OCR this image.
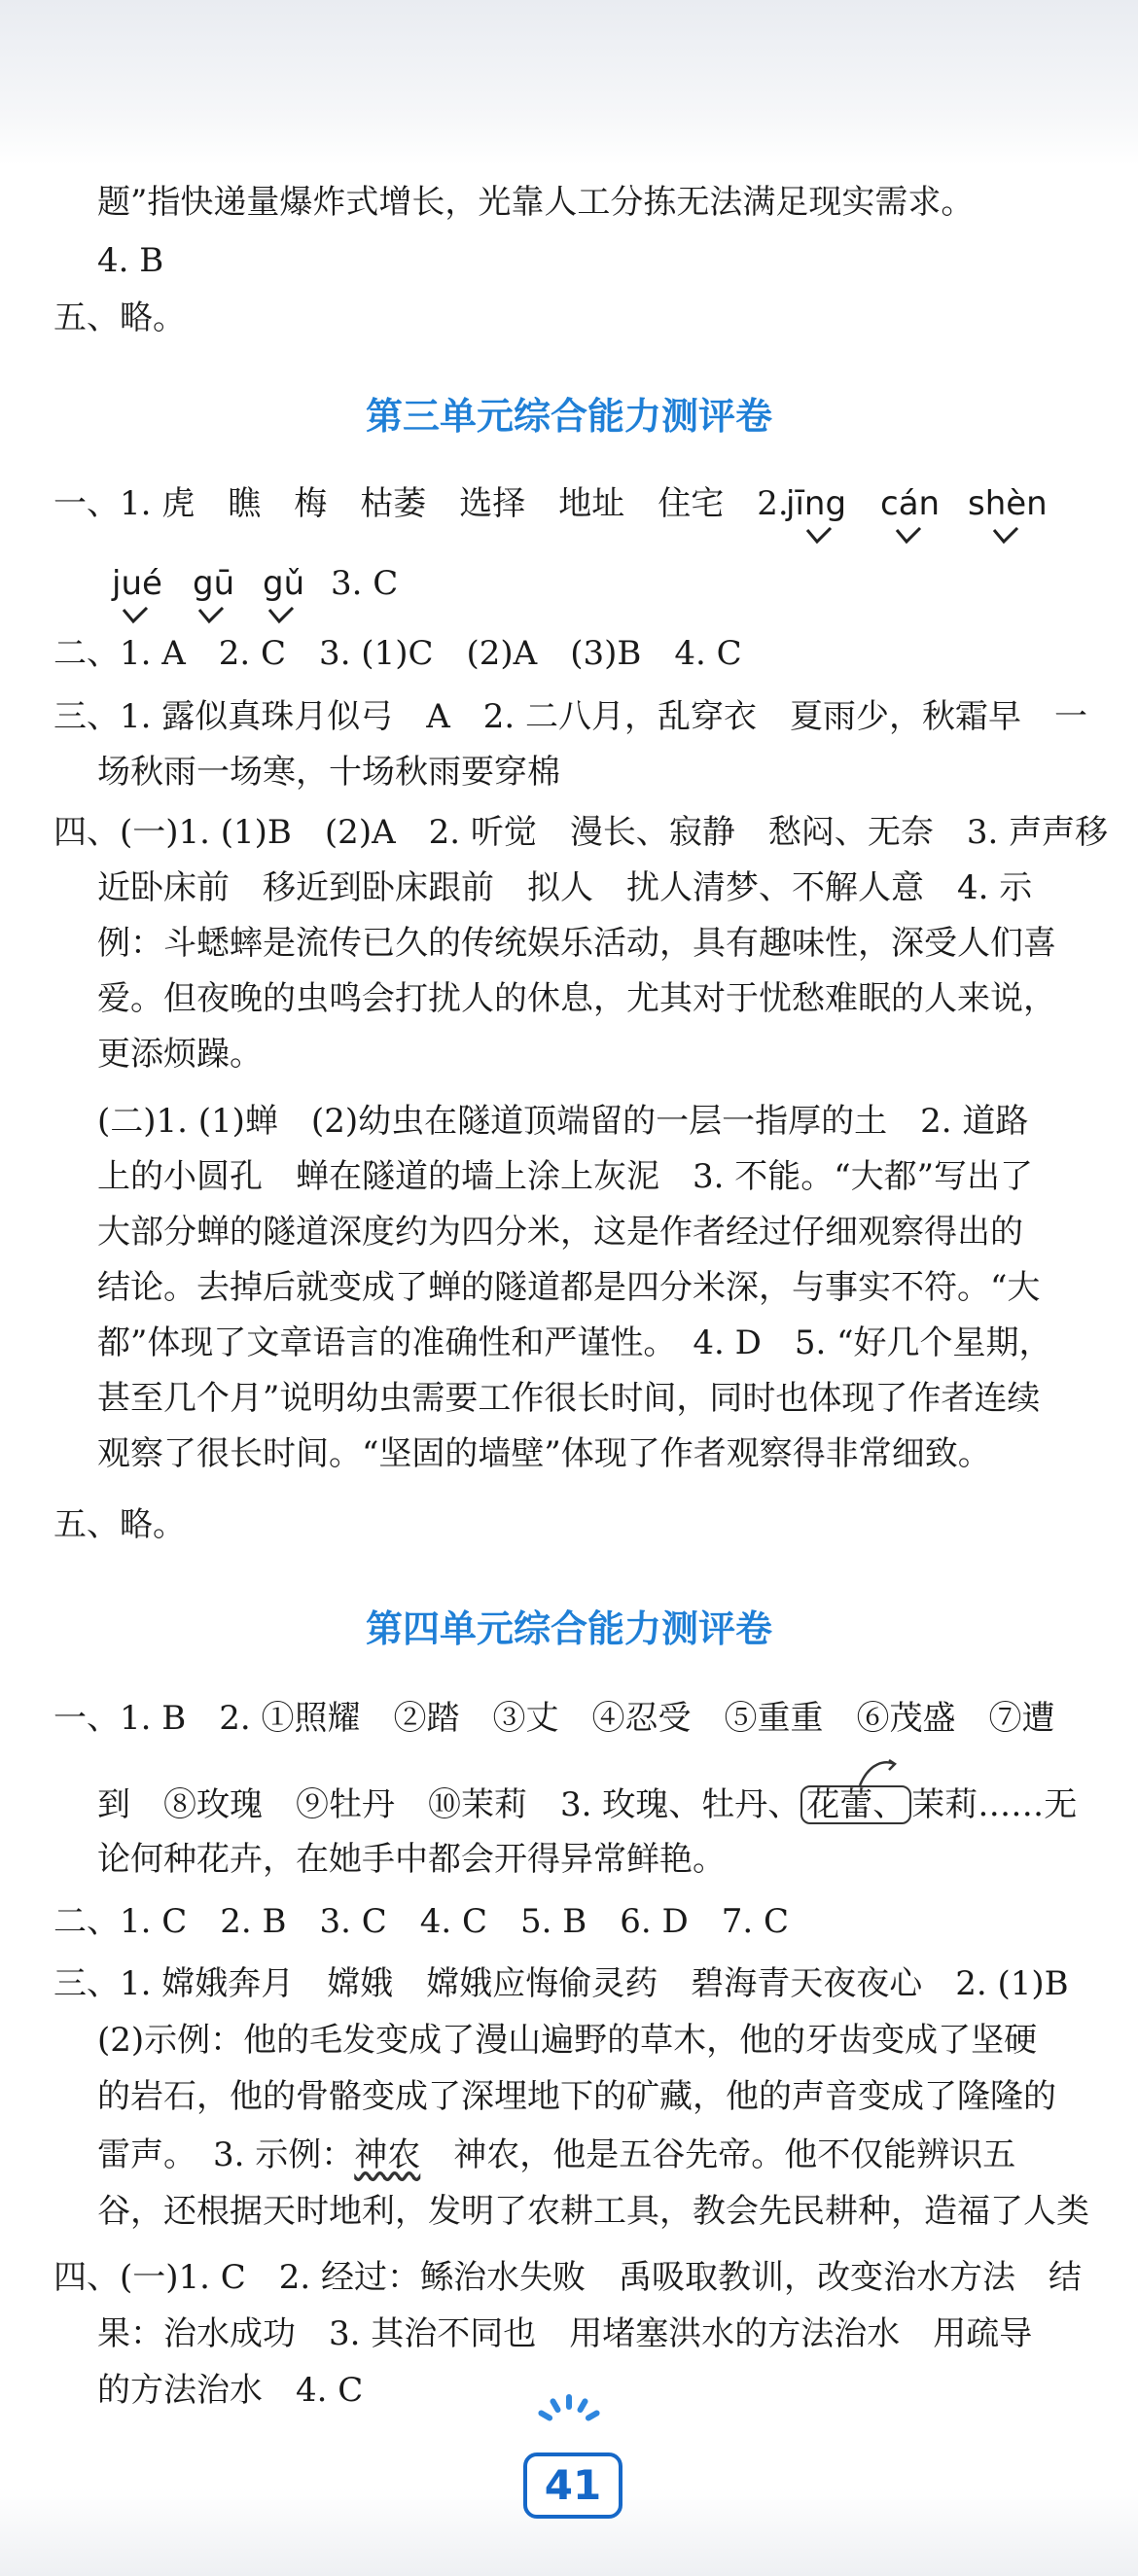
题”指快递量爆炸式增长，光靠人工分拣无法满足现实需求。
4. B
五、略。
第三单元综合能力测评卷
一、1. 虎　瞧　梅　枯萎　选择　地址　住宅　2.
jīng cán shèn
jué gū gǔ 3. C
二、1. A　2. C　3. (1)C　(2)A　(3)B　4. C
三、1. 露似真珠月似弓　A　2. 二八月，乱穿衣　夏雨少，秋霜早　一
场秋雨一场寒，十场秋雨要穿棉
四、(一)1. (1)B　(2)A　2. 听觉　漫长、寂静　愁闷、无奈　3. 声声移
近卧床前　移近到卧床跟前　拟人　扰人清梦、不解人意　4. 示
例：斗蟋蟀是流传已久的传统娱乐活动，具有趣味性，深受人们喜
爱。但夜晚的虫鸣会打扰人的休息，尤其对于忧愁难眠的人来说，
更添烦躁。
(二)1. (1)蝉　(2)幼虫在隧道顶端留的一层一指厚的土　2. 道路
上的小圆孔　蝉在隧道的墙上涂上灰泥　3. 不能。“大都”写出了
大部分蝉的隧道深度约为四分米，这是作者经过仔细观察得出的
结论。去掉后就变成了蝉的隧道都是四分米深，与事实不符。“大
都”体现了文章语言的准确性和严谨性。　4. D　5. “好几个星期，
甚至几个月”说明幼虫需要工作很长时间，同时也体现了作者连续
观察了很长时间。“坚固的墙壁”体现了作者观察得非常细致。
五、略。
第四单元综合能力测评卷
一、1. B　2. ①照耀　②踏　③丈　④忍受　⑤重重　⑥茂盛　⑦遭
到　⑧玫瑰　⑨牡丹　⑩茉莉　3. 玫瑰、牡丹、 花蕾、 茉莉……无
论何种花卉，在她手中都会开得异常鲜艳。
二、1. C　2. B　3. C　4. C　5. B　6. D　7. C
三、1. 嫦娥奔月　嫦娥　嫦娥应悔偷灵药　碧海青天夜夜心　2. (1)B
(2)示例：他的毛发变成了漫山遍野的草木，他的牙齿变成了坚硬
的岩石，他的骨骼变成了深埋地下的矿藏，他的声音变成了隆隆的
雷声。　3. 示例：神农　神农，他是五谷先帝。他不仅能辨识五
谷，还根据天时地利，发明了农耕工具，教会先民耕种，造福了人类
四、(一)1. C　2. 经过：鲧治水失败　禹吸取教训，改变治水方法　结
果：治水成功　3. 其治不同也　用堵塞洪水的方法治水　用疏导
的方法治水　4. C
41
